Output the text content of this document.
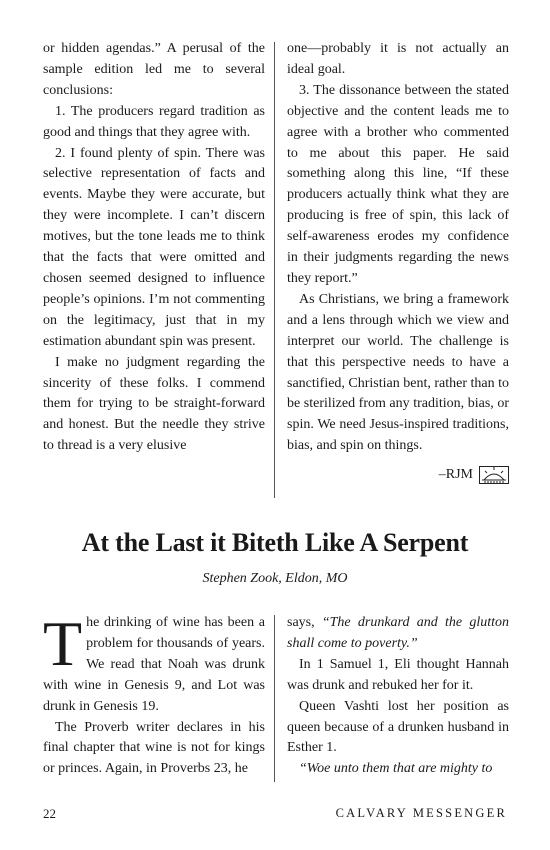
or hidden agendas.” A perusal of the sample edition led me to several conclusions:

1. The producers regard tradition as good and things that they agree with.

2. I found plenty of spin. There was selective representation of facts and events. Maybe they were accurate, but they were incomplete. I can’t discern motives, but the tone leads me to think that the facts that were omitted and chosen seemed designed to influence people’s opinions. I’m not commenting on the legitimacy, just that in my estimation abundant spin was present.

I make no judgment regarding the sincerity of these folks. I commend them for trying to be straight-forward and honest. But the needle they strive to thread is a very elusive

one—probably it is not actually an ideal goal.

3. The dissonance between the stated objective and the content leads me to agree with a brother who commented to me about this paper. He said something along this line, “If these producers actually think what they are producing is free of spin, this lack of self-awareness erodes my confidence in their judgments regarding the news they report.”

As Christians, we bring a framework and a lens through which we view and interpret our world. The challenge is that this perspective needs to have a sanctified, Christian bent, rather than to be sterilized from any tradition, bias, or spin. We need Jesus-inspired traditions, bias, and spin on things.

–RJM
At the Last it Biteth Like A Serpent
Stephen Zook, Eldon, MO

The drinking of wine has been a problem for thousands of years. We read that Noah was drunk with wine in Genesis 9, and Lot was drunk in Genesis 19.

The Proverb writer declares in his final chapter that wine is not for kings or princes. Again, in Proverbs 23, he

says, “The drunkard and the glutton shall come to poverty.”

In 1 Samuel 1, Eli thought Hannah was drunk and rebuked her for it.

Queen Vashti lost her position as queen because of a drunken husband in Esther 1.

“Woe unto them that are mighty to

22	CALVARY MESSENGER
